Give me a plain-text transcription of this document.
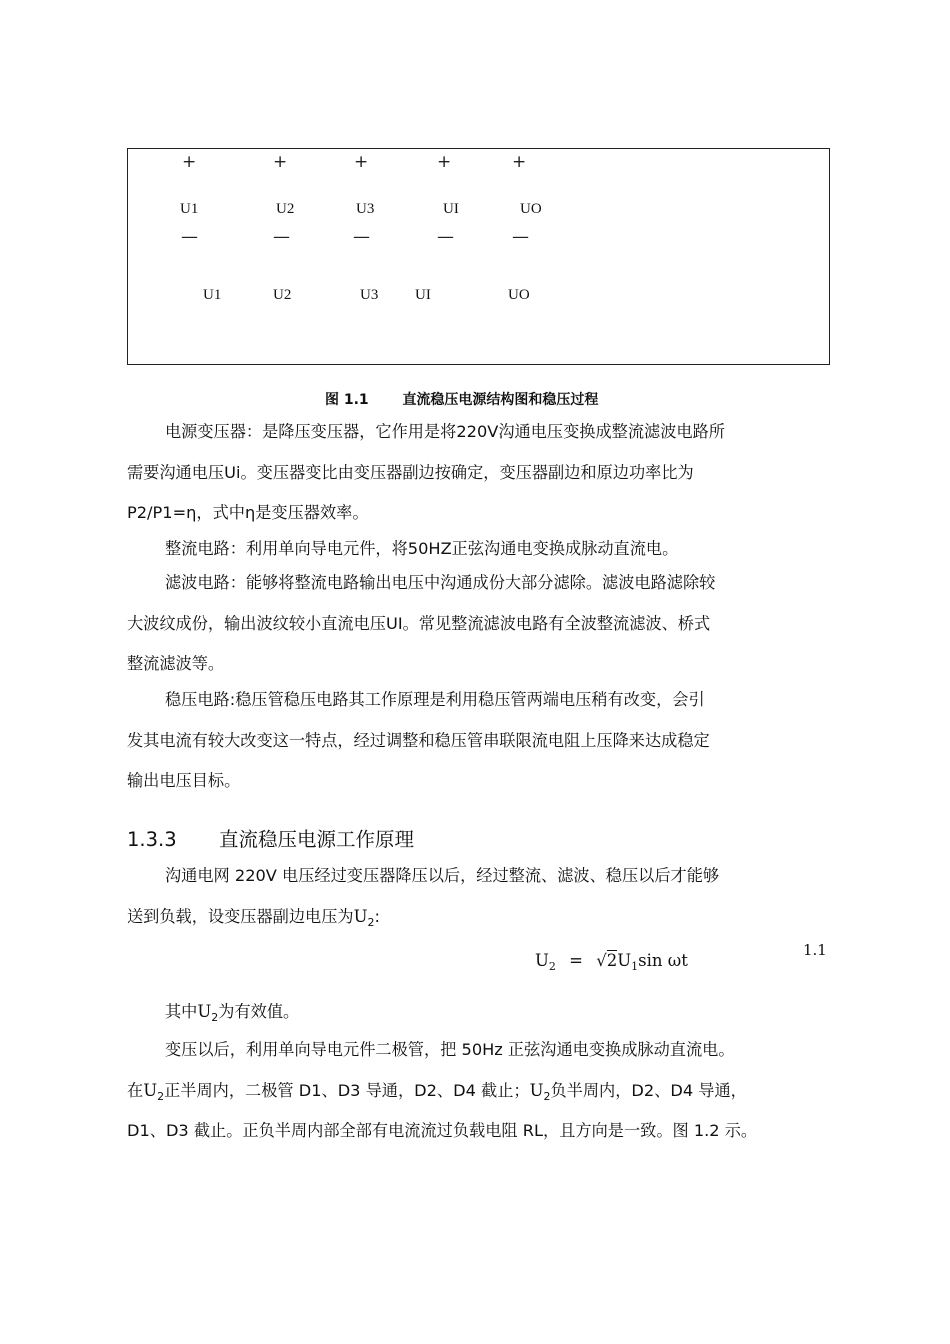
+	+	+	+	+
U1	U2	U3	UI	UO
—	—	—	—	—
U1	U2	U3 UI	UO
图 1.1 直流稳压电源结构图和稳压过程
电源变压器：是降压变压器，它作用是将220V沟通电压变换成整流滤波电路所
需要沟通电压Ui。变压器变比由变压器副边按确定，变压器副边和原边功率比为
P2/P1=η，式中η是变压器效率。
整流电路：利用单向导电元件，将50HZ正弦沟通电变换成脉动直流电。
滤波电路：能够将整流电路输出电压中沟通成份大部分滤除。滤波电路滤除较
大波纹成份，输出波纹较小直流电压UI。常见整流滤波电路有全波整流滤波、桥式
整流滤波等。
稳压电路:稳压管稳压电路其工作原理是利用稳压管两端电压稍有改变，会引
发其电流有较大改变这一特点，经过调整和稳压管串联限流电阻上压降来达成稳定
输出电压目标。
1.3.3 直流稳压电源工作原理
沟通电网 220V 电压经过变压器降压以后，经过整流、滤波、稳压以后才能够
送到负载，设变压器副边电压为$U_2$:
$U_2 = √2U_1\sin$ ωt
1.1
其中$U_2$为有效值。
变压以后，利用单向导电元件二极管，把 50Hz 正弦沟通电变换成脉动直流电。
在$U_2$正半周内，二极管 D1、D3 导通，D2、D4 截止；$U_2$负半周内，D2、D4 导通，
D1、D3 截止。正负半周内部全部有电流流过负载电阻 RL，且方向是一致。图 1.2 示。
